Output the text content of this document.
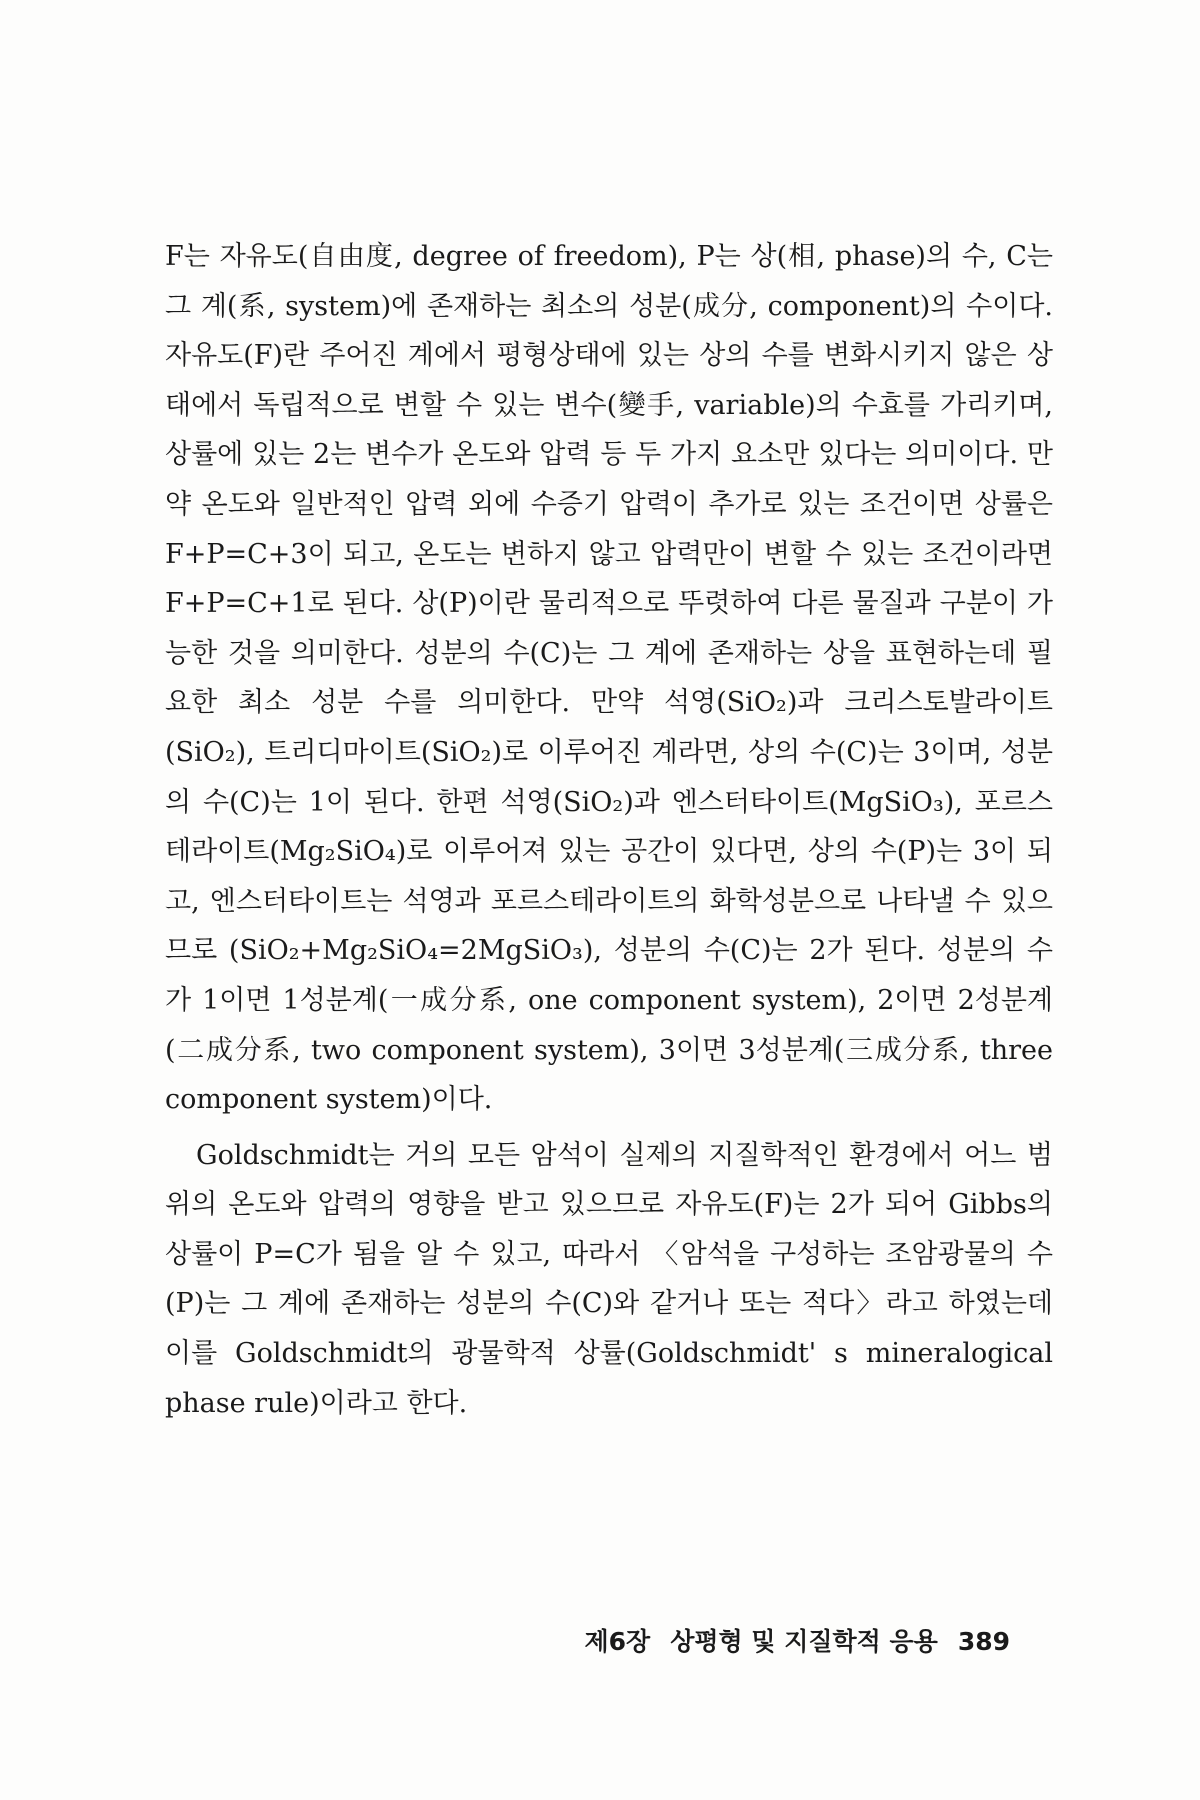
F는 자유도(自由度, degree of freedom), P는 상(相, phase)의 수, C는 그 계(系, system)에 존재하는 최소의 성분(成分, component)의 수이다. 자유도(F)란 주어진 계에서 평형상태에 있는 상의 수를 변화시키지 않은 상태에서 독립적으로 변할 수 있는 변수(變手, variable)의 수효를 가리키며, 상률에 있는 2는 변수가 온도와 압력 등 두 가지 요소만 있다는 의미이다. 만약 온도와 일반적인 압력 외에 수증기 압력이 추가로 있는 조건이면 상률은 F+P=C+3이 되고, 온도는 변하지 않고 압력만이 변할 수 있는 조건이라면 F+P=C+1로 된다. 상(P)이란 물리적으로 뚜렷하여 다른 물질과 구분이 가능한 것을 의미한다. 성분의 수(C)는 그 계에 존재하는 상을 표현하는데 필요한 최소 성분 수를 의미한다. 만약 석영(SiO₂)과 크리스토발라이트(SiO₂), 트리디마이트(SiO₂)로 이루어진 계라면, 상의 수(C)는 3이며, 성분의 수(C)는 1이 된다. 한편 석영(SiO₂)과 엔스터타이트(MgSiO₃), 포르스테라이트(Mg₂SiO₄)로 이루어져 있는 공간이 있다면, 상의 수(P)는 3이 되고, 엔스터타이트는 석영과 포르스테라이트의 화학성분으로 나타낼 수 있으므로 (SiO₂+Mg₂SiO₄=2MgSiO₃), 성분의 수(C)는 2가 된다. 성분의 수가 1이면 1성분계(一成分系, one component system), 2이면 2성분계(二成分系, two component system), 3이면 3성분계(三成分系, three component system)이다.

Goldschmidt는 거의 모든 암석이 실제의 지질학적인 환경에서 어느 범위의 온도와 압력의 영향을 받고 있으므로 자유도(F)는 2가 되어 Gibbs의 상률이 P=C가 됨을 알 수 있고, 따라서 〈암석을 구성하는 조암광물의 수(P)는 그 계에 존재하는 성분의 수(C)와 같거나 또는 적다〉라고 하였는데 이를 Goldschmidt의 광물학적 상률(Goldschmidt' s mineralogical phase rule)이라고 한다.

제6장 상평형 및 지질학적 응용 389
